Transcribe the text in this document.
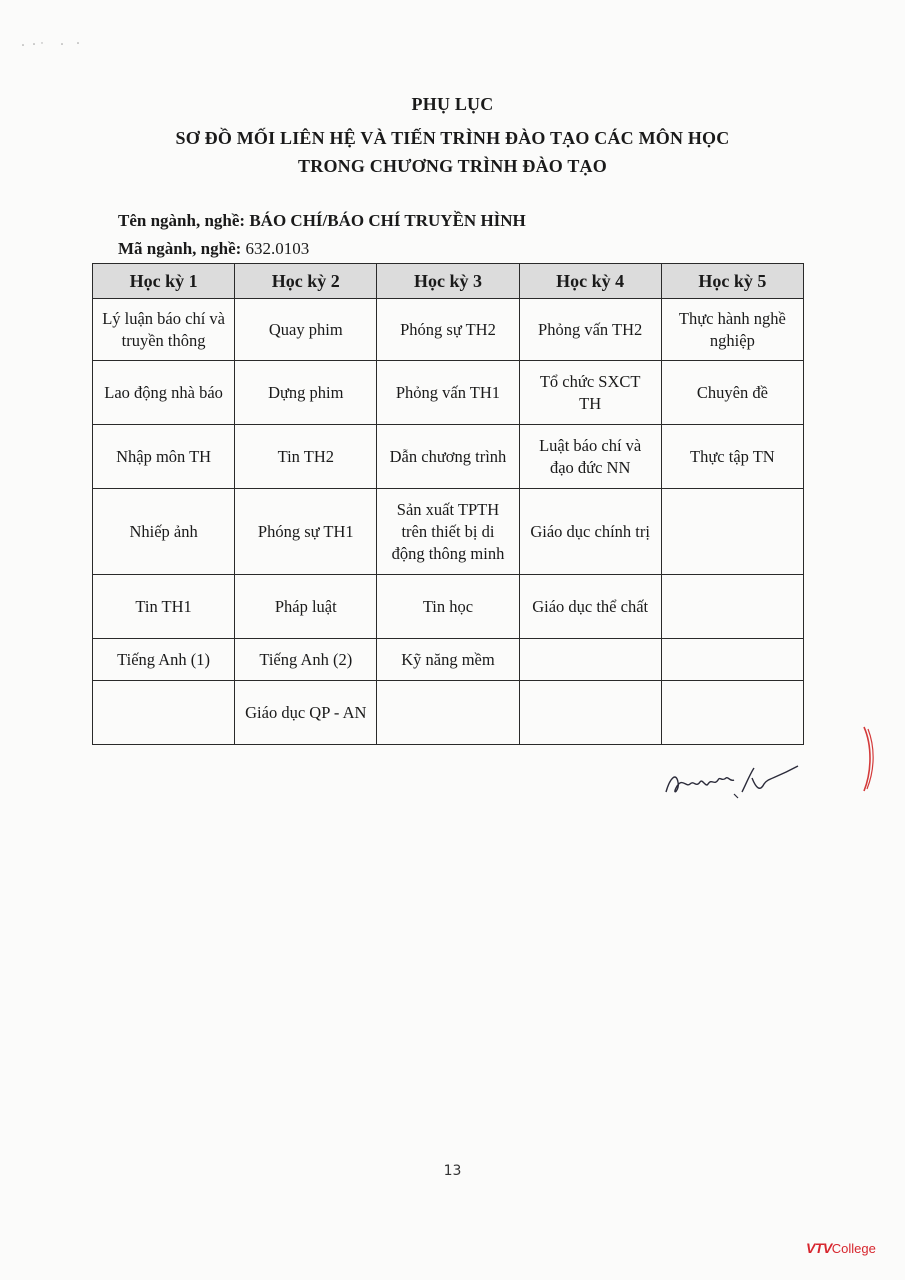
PHỤ LỤC
SƠ ĐỒ MỐI LIÊN HỆ VÀ TIẾN TRÌNH ĐÀO TẠO CÁC MÔN HỌC
TRONG CHƯƠNG TRÌNH ĐÀO TẠO
Tên ngành, nghề: BÁO CHÍ/BÁO CHÍ TRUYỀN HÌNH
Mã ngành, nghề: 632.0103
Học kỳ 1	Học kỳ 2	Học kỳ 3	Học kỳ 4	Học kỳ 5
Lý luận báo chí và truyền thông	Quay phim	Phóng sự TH2	Phỏng vấn TH2	Thực hành nghề nghiệp
Lao động nhà báo	Dựng phim	Phỏng vấn TH1	Tổ chức SXCT TH	Chuyên đề
Nhập môn TH	Tin TH2	Dẫn chương trình	Luật báo chí và đạo đức NN	Thực tập TN
Nhiếp ảnh	Phóng sự TH1	Sản xuất TPTH trên thiết bị di động thông minh	Giáo dục chính trị	
Tin TH1	Pháp luật	Tin học	Giáo dục thể chất	
Tiếng Anh (1)	Tiếng Anh (2)	Kỹ năng mềm		
	Giáo dục QP - AN			
13
VTVCollege
